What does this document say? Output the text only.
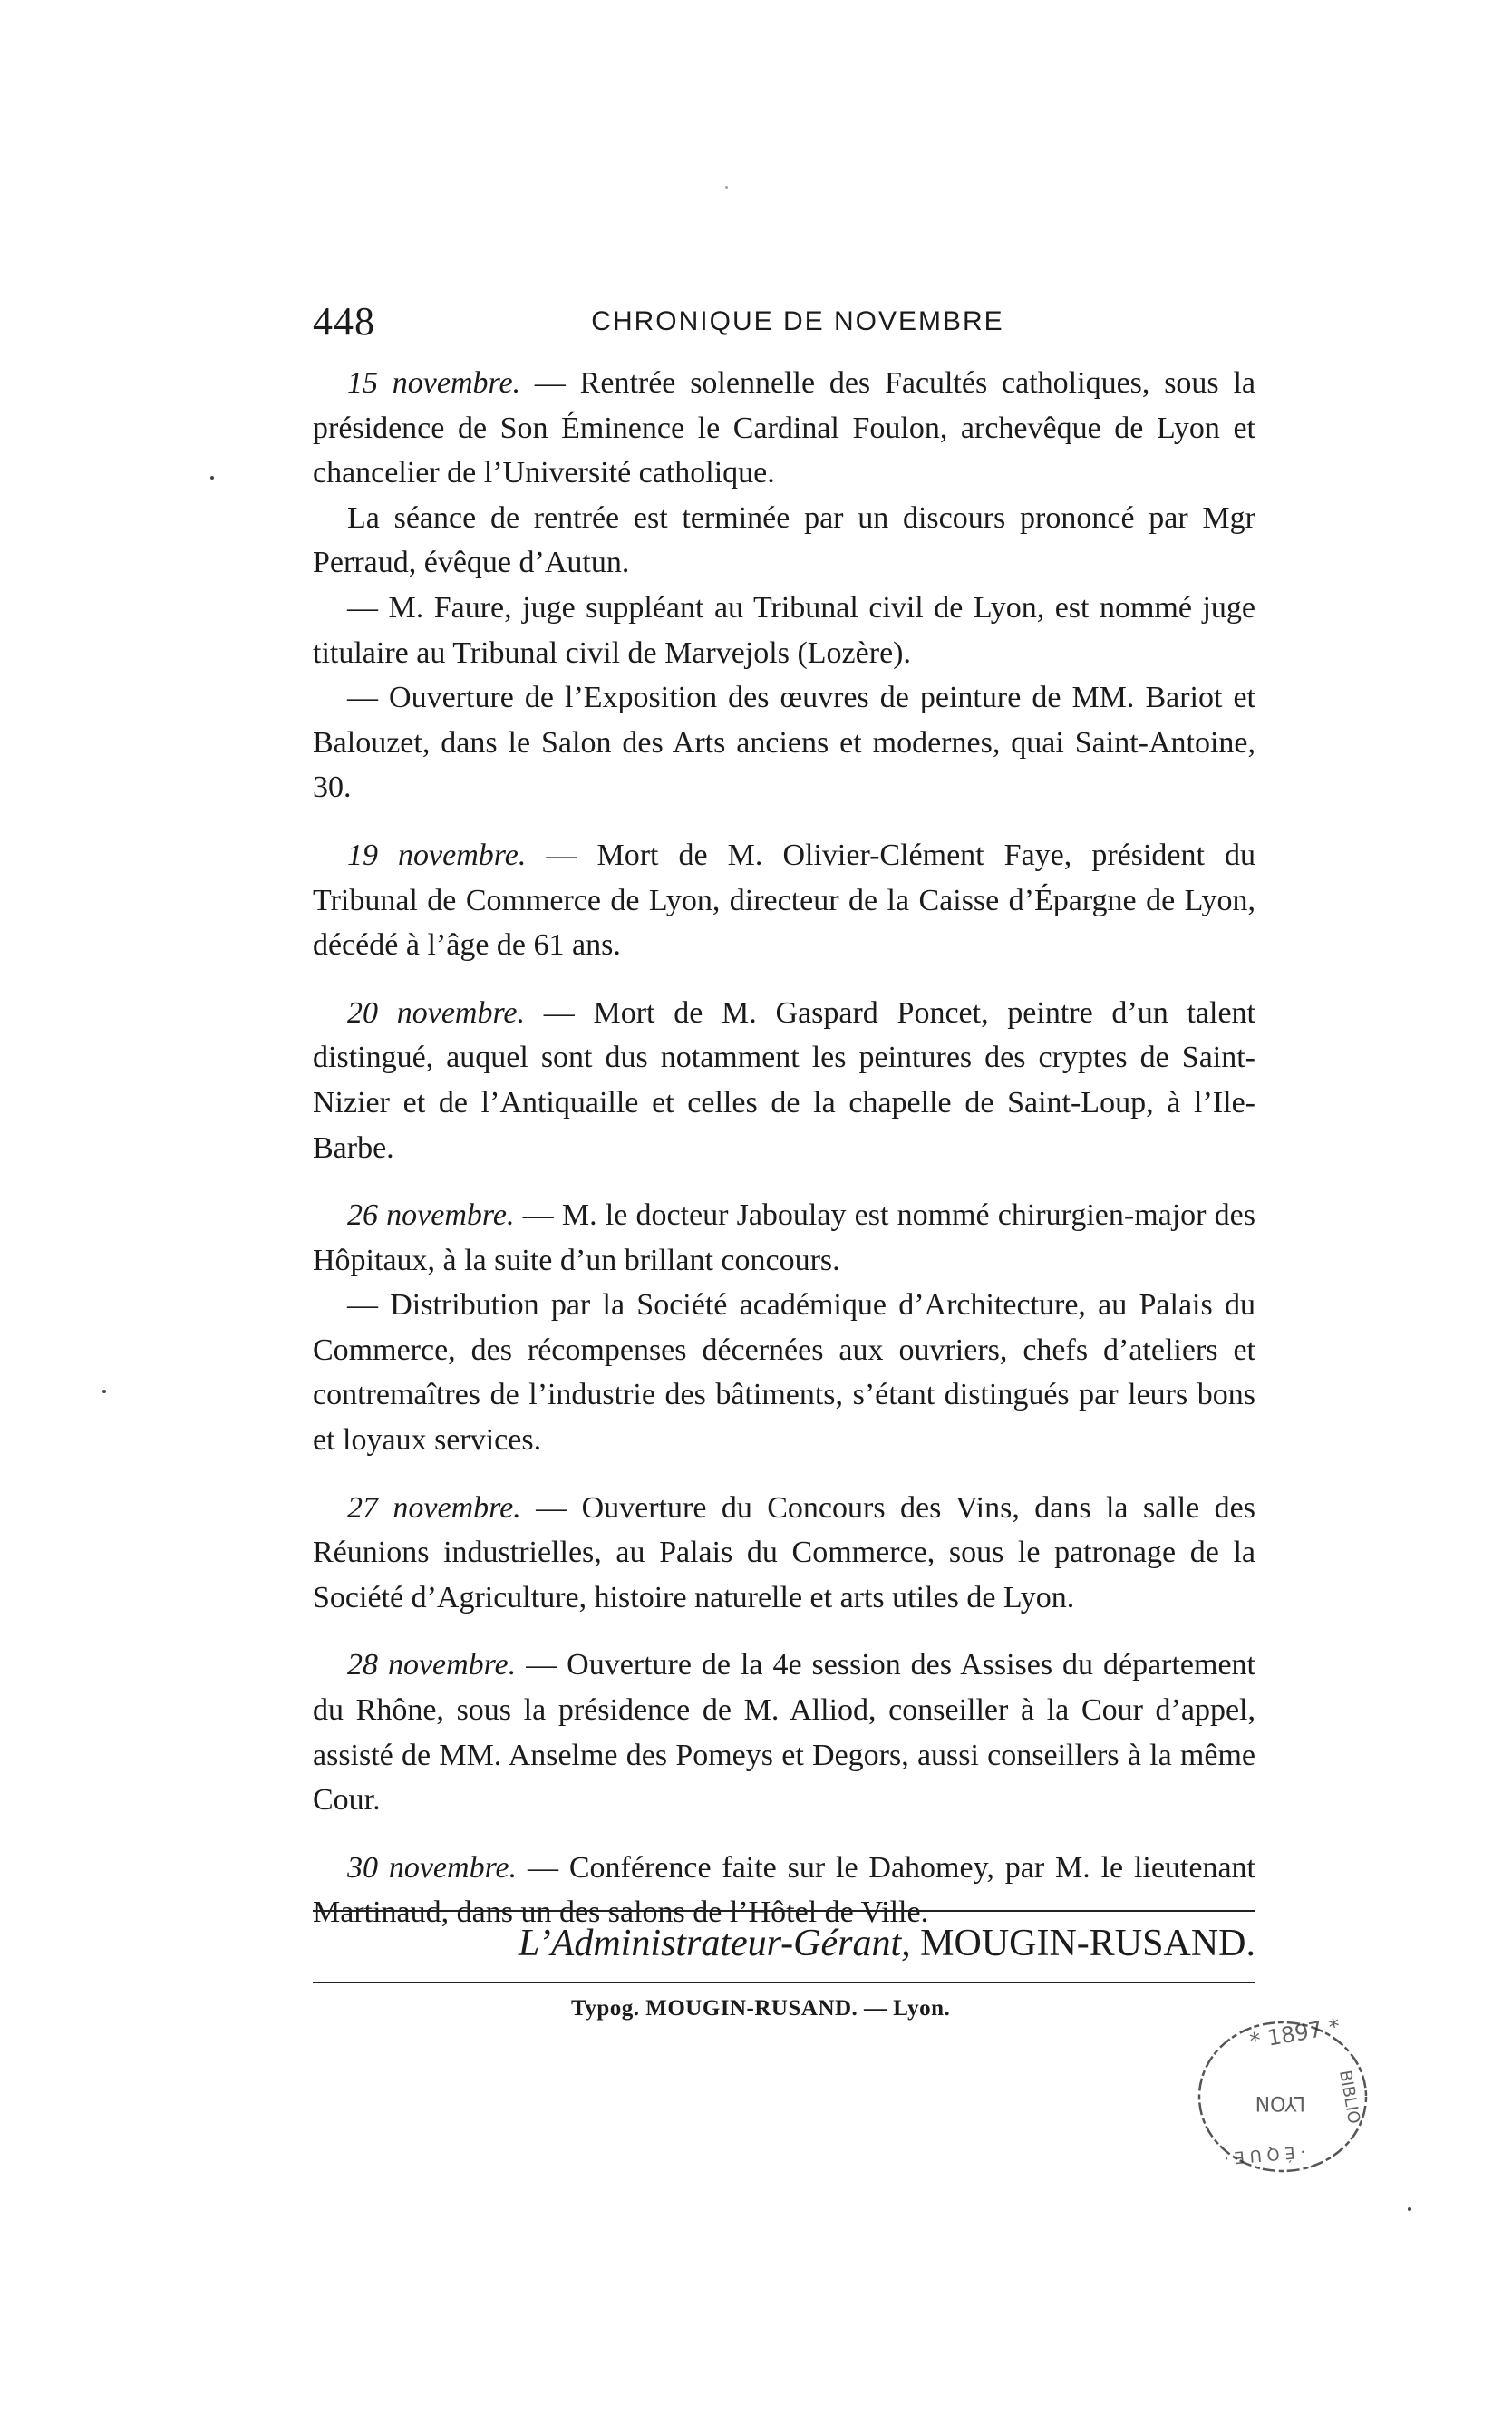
448	CHRONIQUE DE NOVEMBRE

15 novembre. — Rentrée solennelle des Facultés catholiques, sous la présidence de Son Éminence le Cardinal Foulon, archevêque de Lyon et chancelier de l’Université catholique.

La séance de rentrée est terminée par un discours prononcé par Mgr Perraud, évêque d’Autun.

— M. Faure, juge suppléant au Tribunal civil de Lyon, est nommé juge titulaire au Tribunal civil de Marvejols (Lozère).

— Ouverture de l’Exposition des œuvres de peinture de MM. Bariot et Balouzet, dans le Salon des Arts anciens et modernes, quai Saint-Antoine, 30.

19 novembre. — Mort de M. Olivier-Clément Faye, président du Tribunal de Commerce de Lyon, directeur de la Caisse d’Épargne de Lyon, décédé à l’âge de 61 ans.

20 novembre. — Mort de M. Gaspard Poncet, peintre d’un talent distingué, auquel sont dus notamment les peintures des cryptes de Saint-Nizier et de l’Antiquaille et celles de la chapelle de Saint-Loup, à l’Ile-Barbe.

26 novembre. — M. le docteur Jaboulay est nommé chirurgien-major des Hôpitaux, à la suite d’un brillant concours.

— Distribution par la Société académique d’Architecture, au Palais du Commerce, des récompenses décernées aux ouvriers, chefs d’ateliers et contremaîtres de l’industrie des bâtiments, s’étant distingués par leurs bons et loyaux services.

27 novembre. — Ouverture du Concours des Vins, dans la salle des Réunions industrielles, au Palais du Commerce, sous le patronage de la Société d’Agriculture, histoire naturelle et arts utiles de Lyon.

28 novembre. — Ouverture de la 4e session des Assises du département du Rhône, sous la présidence de M. Alliod, conseiller à la Cour d’appel, assisté de MM. Anselme des Pomeys et Degors, aussi conseillers à la même Cour.

30 novembre. — Conférence faite sur le Dahomey, par M. le lieutenant Martinaud, dans un des salons de l’Hôtel de Ville.

L’Administrateur-Gérant, MOUGIN-RUSAND.
Typog. MOUGIN-RUSAND. — Lyon.
* 1897 *
BIBLIO
LYON
· É Q U E ·
